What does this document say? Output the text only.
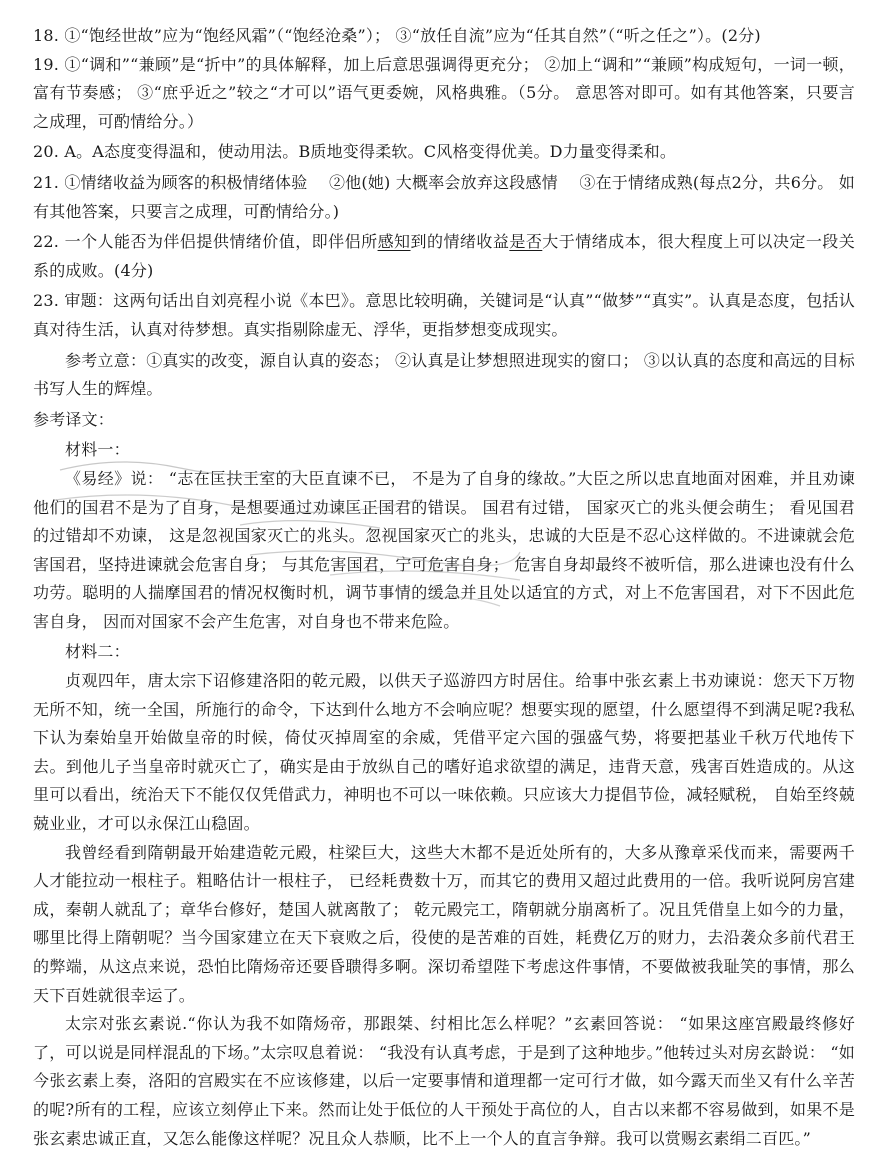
18. ①“饱经世故”应为“饱经风霜”（“饱经沧桑”）； ③“放任自流”应为“任其自然”（“听之任之”）。(2分)

19. ①“调和”“兼顾”是“折中”的具体解释，加上后意思强调得更充分； ②加上“调和”“兼顾”构成短句，一词一顿， 富有节奏感； ③“庶乎近之”较之“才可以”语气更委婉，风格典雅。（5分。 意思答对即可。如有其他答案，只要言之成理，可酌情给分。）

20. A。A态度变得温和，使动用法。B质地变得柔软。C风格变得优美。D力量变得柔和。

21. ①情绪收益为顾客的积极情绪体验　 ②他(她) 大概率会放弃这段感情　 ③在于情绪成熟(每点2分，共6分。 如有其他答案，只要言之成理，可酌情给分。)

22. 一个人能否为伴侣提供情绪价值，即伴侣所感知到的情绪收益是否大于情绪成本，很大程度上可以决定一段关系的成败。(4分)

23. 审题：这两句话出自刘亮程小说《本巴》。意思比较明确，关键词是“认真”“做梦”“真实”。认真是态度，包括认真对待生活，认真对待梦想。真实指剔除虚无、浮华，更指梦想变成现实。

参考立意：①真实的改变，源自认真的姿态； ②认真是让梦想照进现实的窗口； ③以认真的态度和高远的目标书写人生的辉煌。

参考译文：

材料一：

《易经》说： “志在匡扶王室的大臣直谏不已， 不是为了自身的缘故。”大臣之所以忠直地面对困难，并且劝谏他们的国君不是为了自身，是想要通过劝谏匡正国君的错误。 国君有过错， 国家灭亡的兆头便会萌生； 看见国君的过错却不劝谏， 这是忽视国家灭亡的兆头。忽视国家灭亡的兆头，忠诚的大臣是不忍心这样做的。不进谏就会危害国君，坚持进谏就会危害自身； 与其危害国君，宁可危害自身； 危害自身却最终不被听信，那么进谏也没有什么功劳。聪明的人揣摩国君的情况权衡时机，调节事情的缓急并且处以适宜的方式，对上不危害国君，对下不因此危害自身， 因而对国家不会产生危害，对自身也不带来危险。

材料二：

贞观四年，唐太宗下诏修建洛阳的乾元殿，以供天子巡游四方时居住。给事中张玄素上书劝谏说：您天下万物无所不知，统一全国，所施行的命令，下达到什么地方不会响应呢？想要实现的愿望，什么愿望得不到满足呢?我私下认为秦始皇开始做皇帝的时候，倚仗灭掉周室的余威，凭借平定六国的强盛气势，将要把基业千秋万代地传下去。到他儿子当皇帝时就灭亡了，确实是由于放纵自己的嗜好追求欲望的满足，违背天意，残害百姓造成的。从这里可以看出，统治天下不能仅仅凭借武力，神明也不可以一味依赖。只应该大力提倡节俭，减轻赋税， 自始至终兢兢业业，才可以永保江山稳固。

我曾经看到隋朝最开始建造乾元殿，柱梁巨大，这些大木都不是近处所有的，大多从豫章采伐而来，需要两千人才能拉动一根柱子。粗略估计一根柱子， 已经耗费数十万，而其它的费用又超过此费用的一倍。我听说阿房宫建成，秦朝人就乱了；章华台修好，楚国人就离散了； 乾元殿完工，隋朝就分崩离析了。况且凭借皇上如今的力量，哪里比得上隋朝呢？当今国家建立在天下衰败之后，役使的是苦难的百姓，耗费亿万的财力，去沿袭众多前代君王的弊端，从这点来说，恐怕比隋炀帝还要昏聩得多啊。深切希望陛下考虑这件事情，不要做被我耻笑的事情，那么天下百姓就很幸运了。

太宗对张玄素说.“你认为我不如隋炀帝，那跟桀、纣相比怎么样呢？”玄素回答说： “如果这座宫殿最终修好了，可以说是同样混乱的下场。”太宗叹息着说： “我没有认真考虑，于是到了这种地步。”他转过头对房玄龄说： “如今张玄素上奏，洛阳的宫殿实在不应该修建，以后一定要事情和道理都一定可行才做，如今露天而坐又有什么辛苦的呢?所有的工程，应该立刻停止下来。然而让处于低位的人干预处于高位的人，自古以来都不容易做到，如果不是张玄素忠诚正直，又怎么能像这样呢？况且众人恭顺，比不上一个人的直言争辩。我可以赏赐玄素绢二百匹。”
